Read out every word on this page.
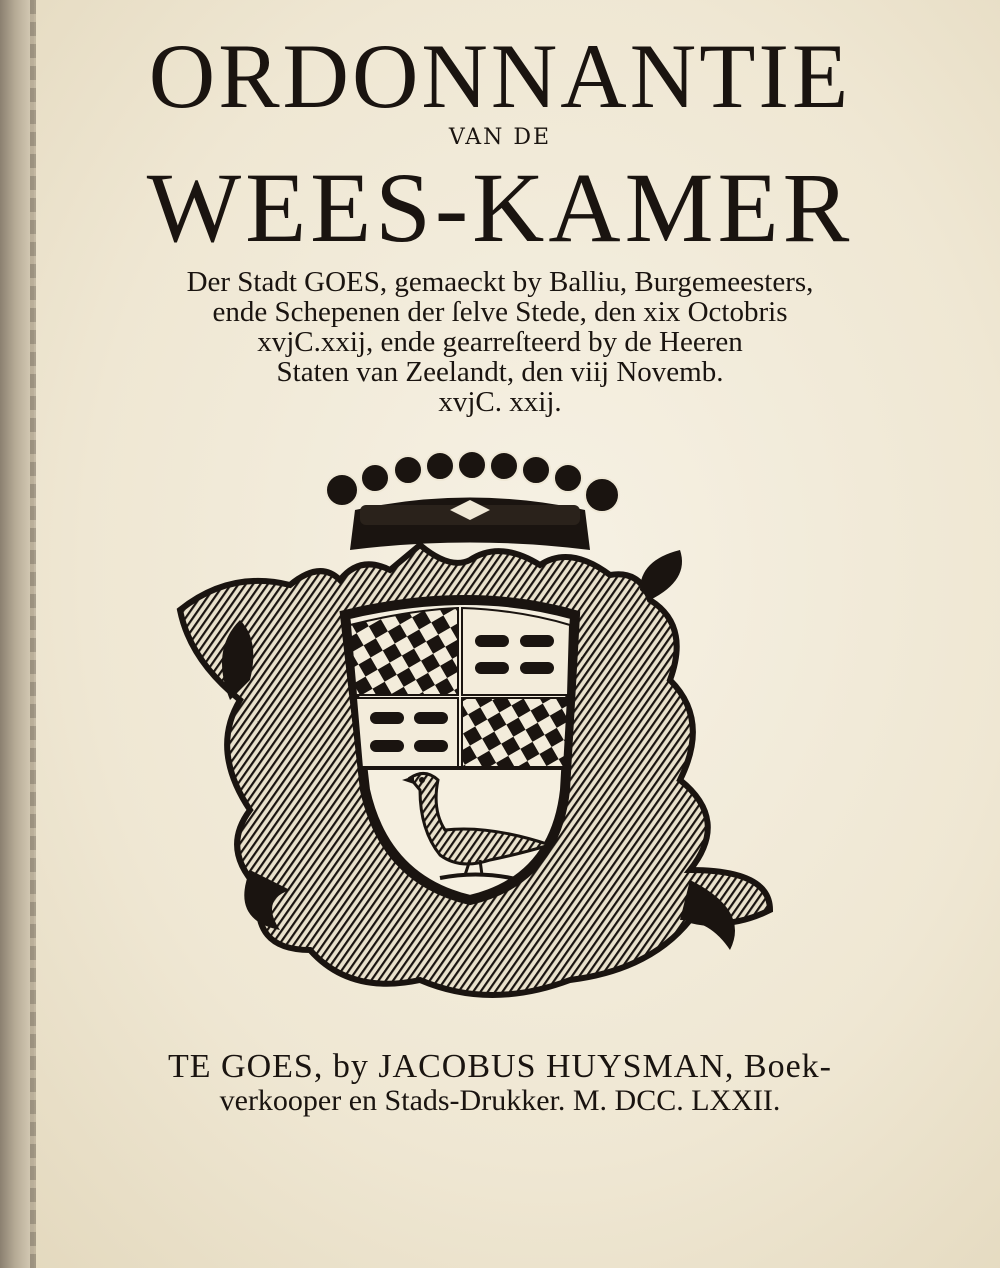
ORDONNANTIE
VAN DE
WEES-KAMER
Der Stadt GOES, gemaeckt by Balliu, Burgemeesters,
ende Schepenen der ſelve Stede, den xix Octobris
xvjC.xxij, ende gearreſteerd by de Heeren
Staten van Zeelandt, den viij Novemb.
xvjC. xxij.
TE GOES, by JACOBUS HUYSMAN, Boek-
verkooper en Stads-Drukker. M. DCC. LXXII.
